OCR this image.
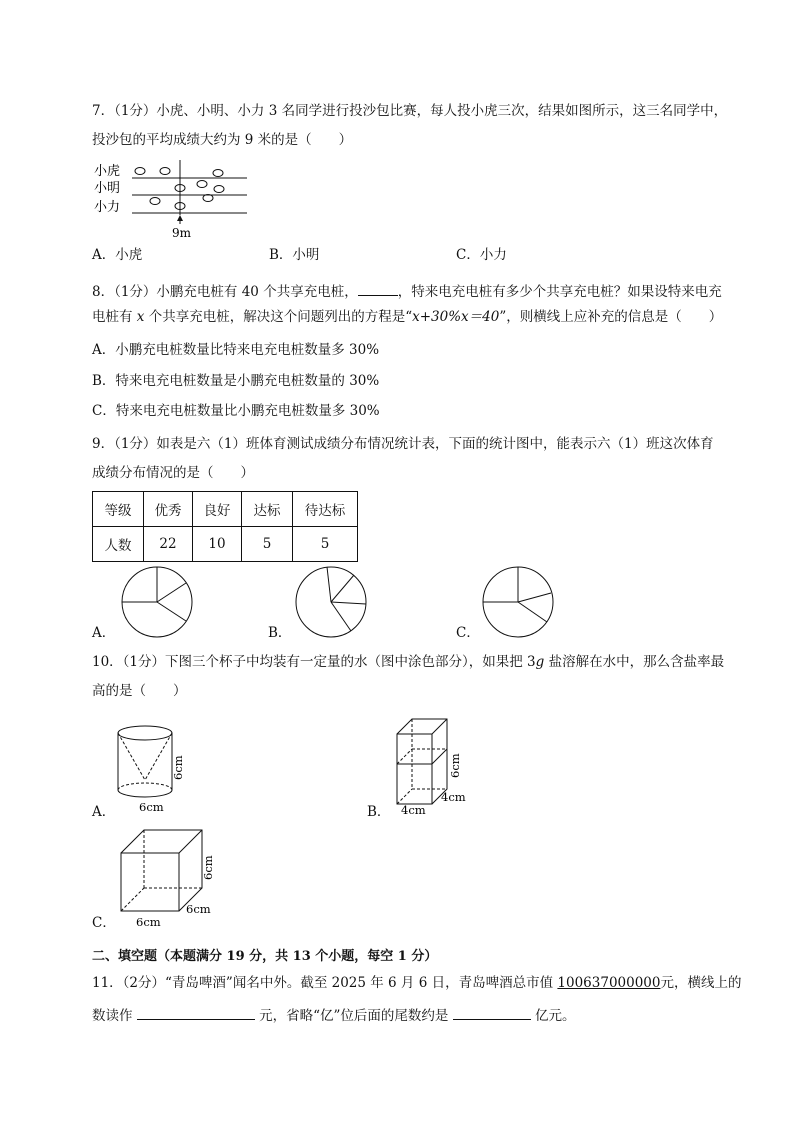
7．（1分）小虎、小明、小力 3 名同学进行投沙包比赛，每人投小虎三次，结果如图所示，这三名同学中，
投沙包的平均成绩大约为 9 米的是（　　）
小虎
小明
小力
9m
A．小虎	B．小明	C．小力
8．（1分）小鹏充电桩有 40 个共享充电桩，	，特来电充电桩有多少个共享充电桩？如果设特来电充
电桩有 x 个共享充电桩，解决这个问题列出的方程是“x+30%x＝40”，则横线上应补充的信息是（　　）
A．小鹏充电桩数量比特来电充电桩数量多 30%
B．特来电充电桩数量是小鹏充电桩数量的 30%
C．特来电充电桩数量比小鹏充电桩数量多 30%
9．（1分）如表是六（1）班体育测试成绩分布情况统计表，下面的统计图中，能表示六（1）班这次体育
成绩分布情况的是（　　）
等级	优秀	良好	达标	待达标
人数	22	10	5	5
A．	B．	C．
10．（1分）下图三个杯子中均装有一定量的水（图中涂色部分），如果把 3g 盐溶解在水中，那么含盐率最
高的是（　　）
6cm
6cm
4cm
4cm
6cm
6cm
6cm
6cm
A．	B．
C．
二、填空题（本题满分 19 分，共 13 个小题，每空 1 分）
11．（2分）“青岛啤酒”闻名中外。截至 2025 年 6 月 6 日，青岛啤酒总市值 100637000000元，横线上的
数读作	元，省略“亿”位后面的尾数约是	亿元。
